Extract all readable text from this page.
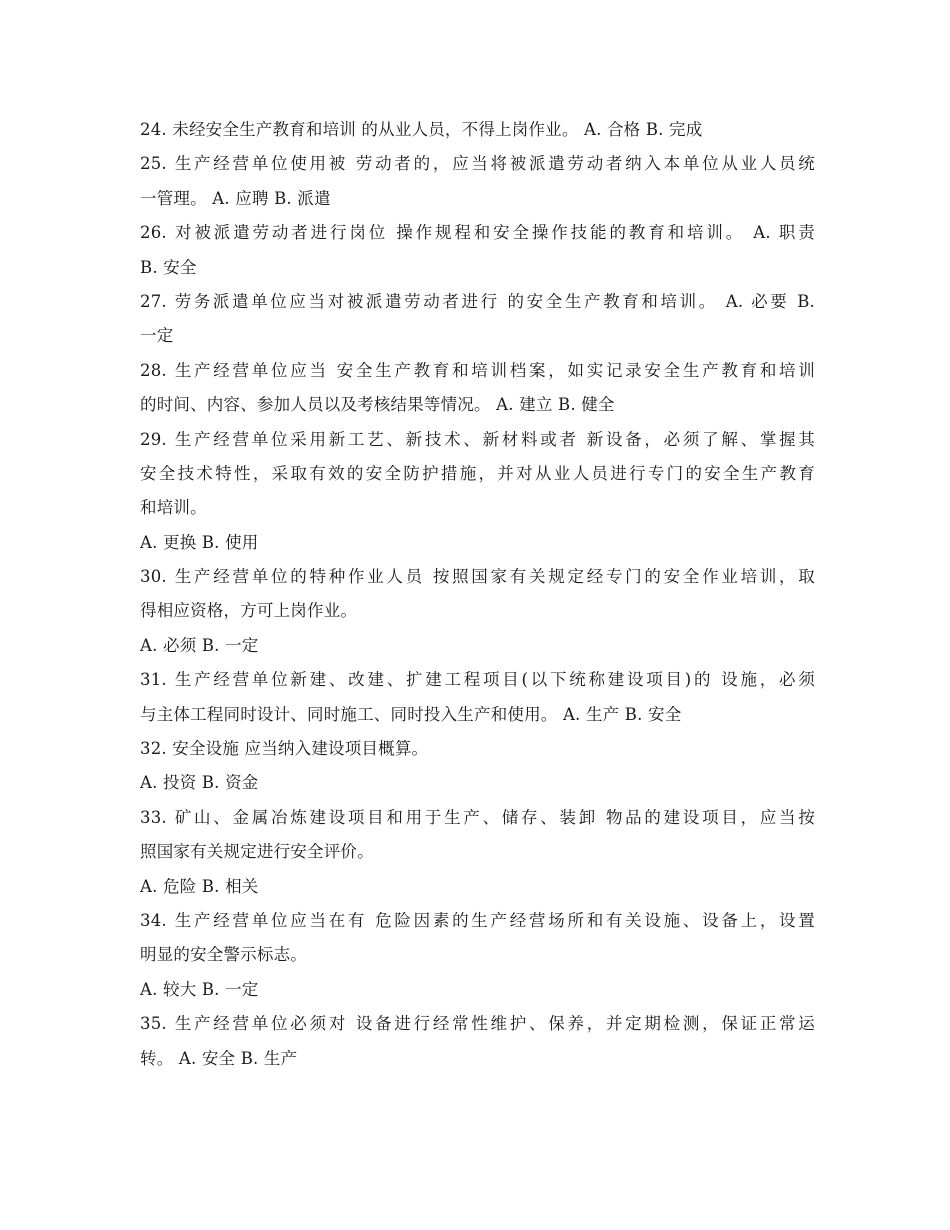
24. 未经安全生产教育和培训 的从业人员，不得上岗作业。 A. 合格 B. 完成
25. 生产经营单位使用被 劳动者的，应当将被派遣劳动者纳入本单位从业人员统
一管理。 A. 应聘 B. 派遣
26. 对被派遣劳动者进行岗位 操作规程和安全操作技能的教育和培训。 A. 职责
B. 安全
27. 劳务派遣单位应当对被派遣劳动者进行 的安全生产教育和培训。 A. 必要 B.
一定
28. 生产经营单位应当 安全生产教育和培训档案，如实记录安全生产教育和培训
的时间、内容、参加人员以及考核结果等情况。 A. 建立 B. 健全
29. 生产经营单位采用新工艺、新技术、新材料或者 新设备，必须了解、掌握其
安全技术特性，采取有效的安全防护措施，并对从业人员进行专门的安全生产教育
和培训。
A. 更换 B. 使用
30. 生产经营单位的特种作业人员 按照国家有关规定经专门的安全作业培训，取
得相应资格，方可上岗作业。
A. 必须 B. 一定
31. 生产经营单位新建、改建、扩建工程项目(以下统称建设项目)的 设施，必须
与主体工程同时设计、同时施工、同时投入生产和使用。 A. 生产 B. 安全
32. 安全设施 应当纳入建设项目概算。
A. 投资 B. 资金
33. 矿山、金属冶炼建设项目和用于生产、储存、装卸 物品的建设项目，应当按
照国家有关规定进行安全评价。
A. 危险 B. 相关
34. 生产经营单位应当在有 危险因素的生产经营场所和有关设施、设备上，设置
明显的安全警示标志。
A. 较大 B. 一定
35. 生产经营单位必须对 设备进行经常性维护、保养，并定期检测，保证正常运
转。 A. 安全 B. 生产
